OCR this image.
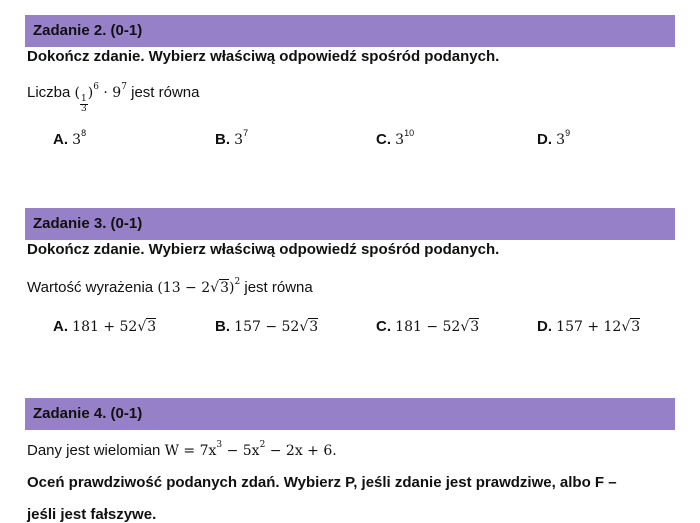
Zadanie 2. (0-1)
Dokończ zdanie. Wybierz właściwą odpowiedź spośród podanych.
Liczba (
$\frac{1}{3}$
)$^6 \cdot 9^7$ jest równa
A. $3^8$	B. $3^7$	C. $3^{10}$	D. $3^9$
Zadanie 3. (0-1)
Dokończ zdanie. Wybierz właściwą odpowiedź spośród podanych.
Wartość wyrażenia $(13 - 2√3)^2$ jest równa
A. 181 + 52√3	B. 157 − 52√3	C. 181 − 52√3	D. 157 + 12√3
Zadanie 4. (0-1)
Dany jest wielomian $W = 7x^3 - 5x^2 - 2x + 6$.
Oceń prawdziwość podanych zdań. Wybierz P, jeśli zdanie jest prawdziwe, albo F –
jeśli jest fałszywe.
